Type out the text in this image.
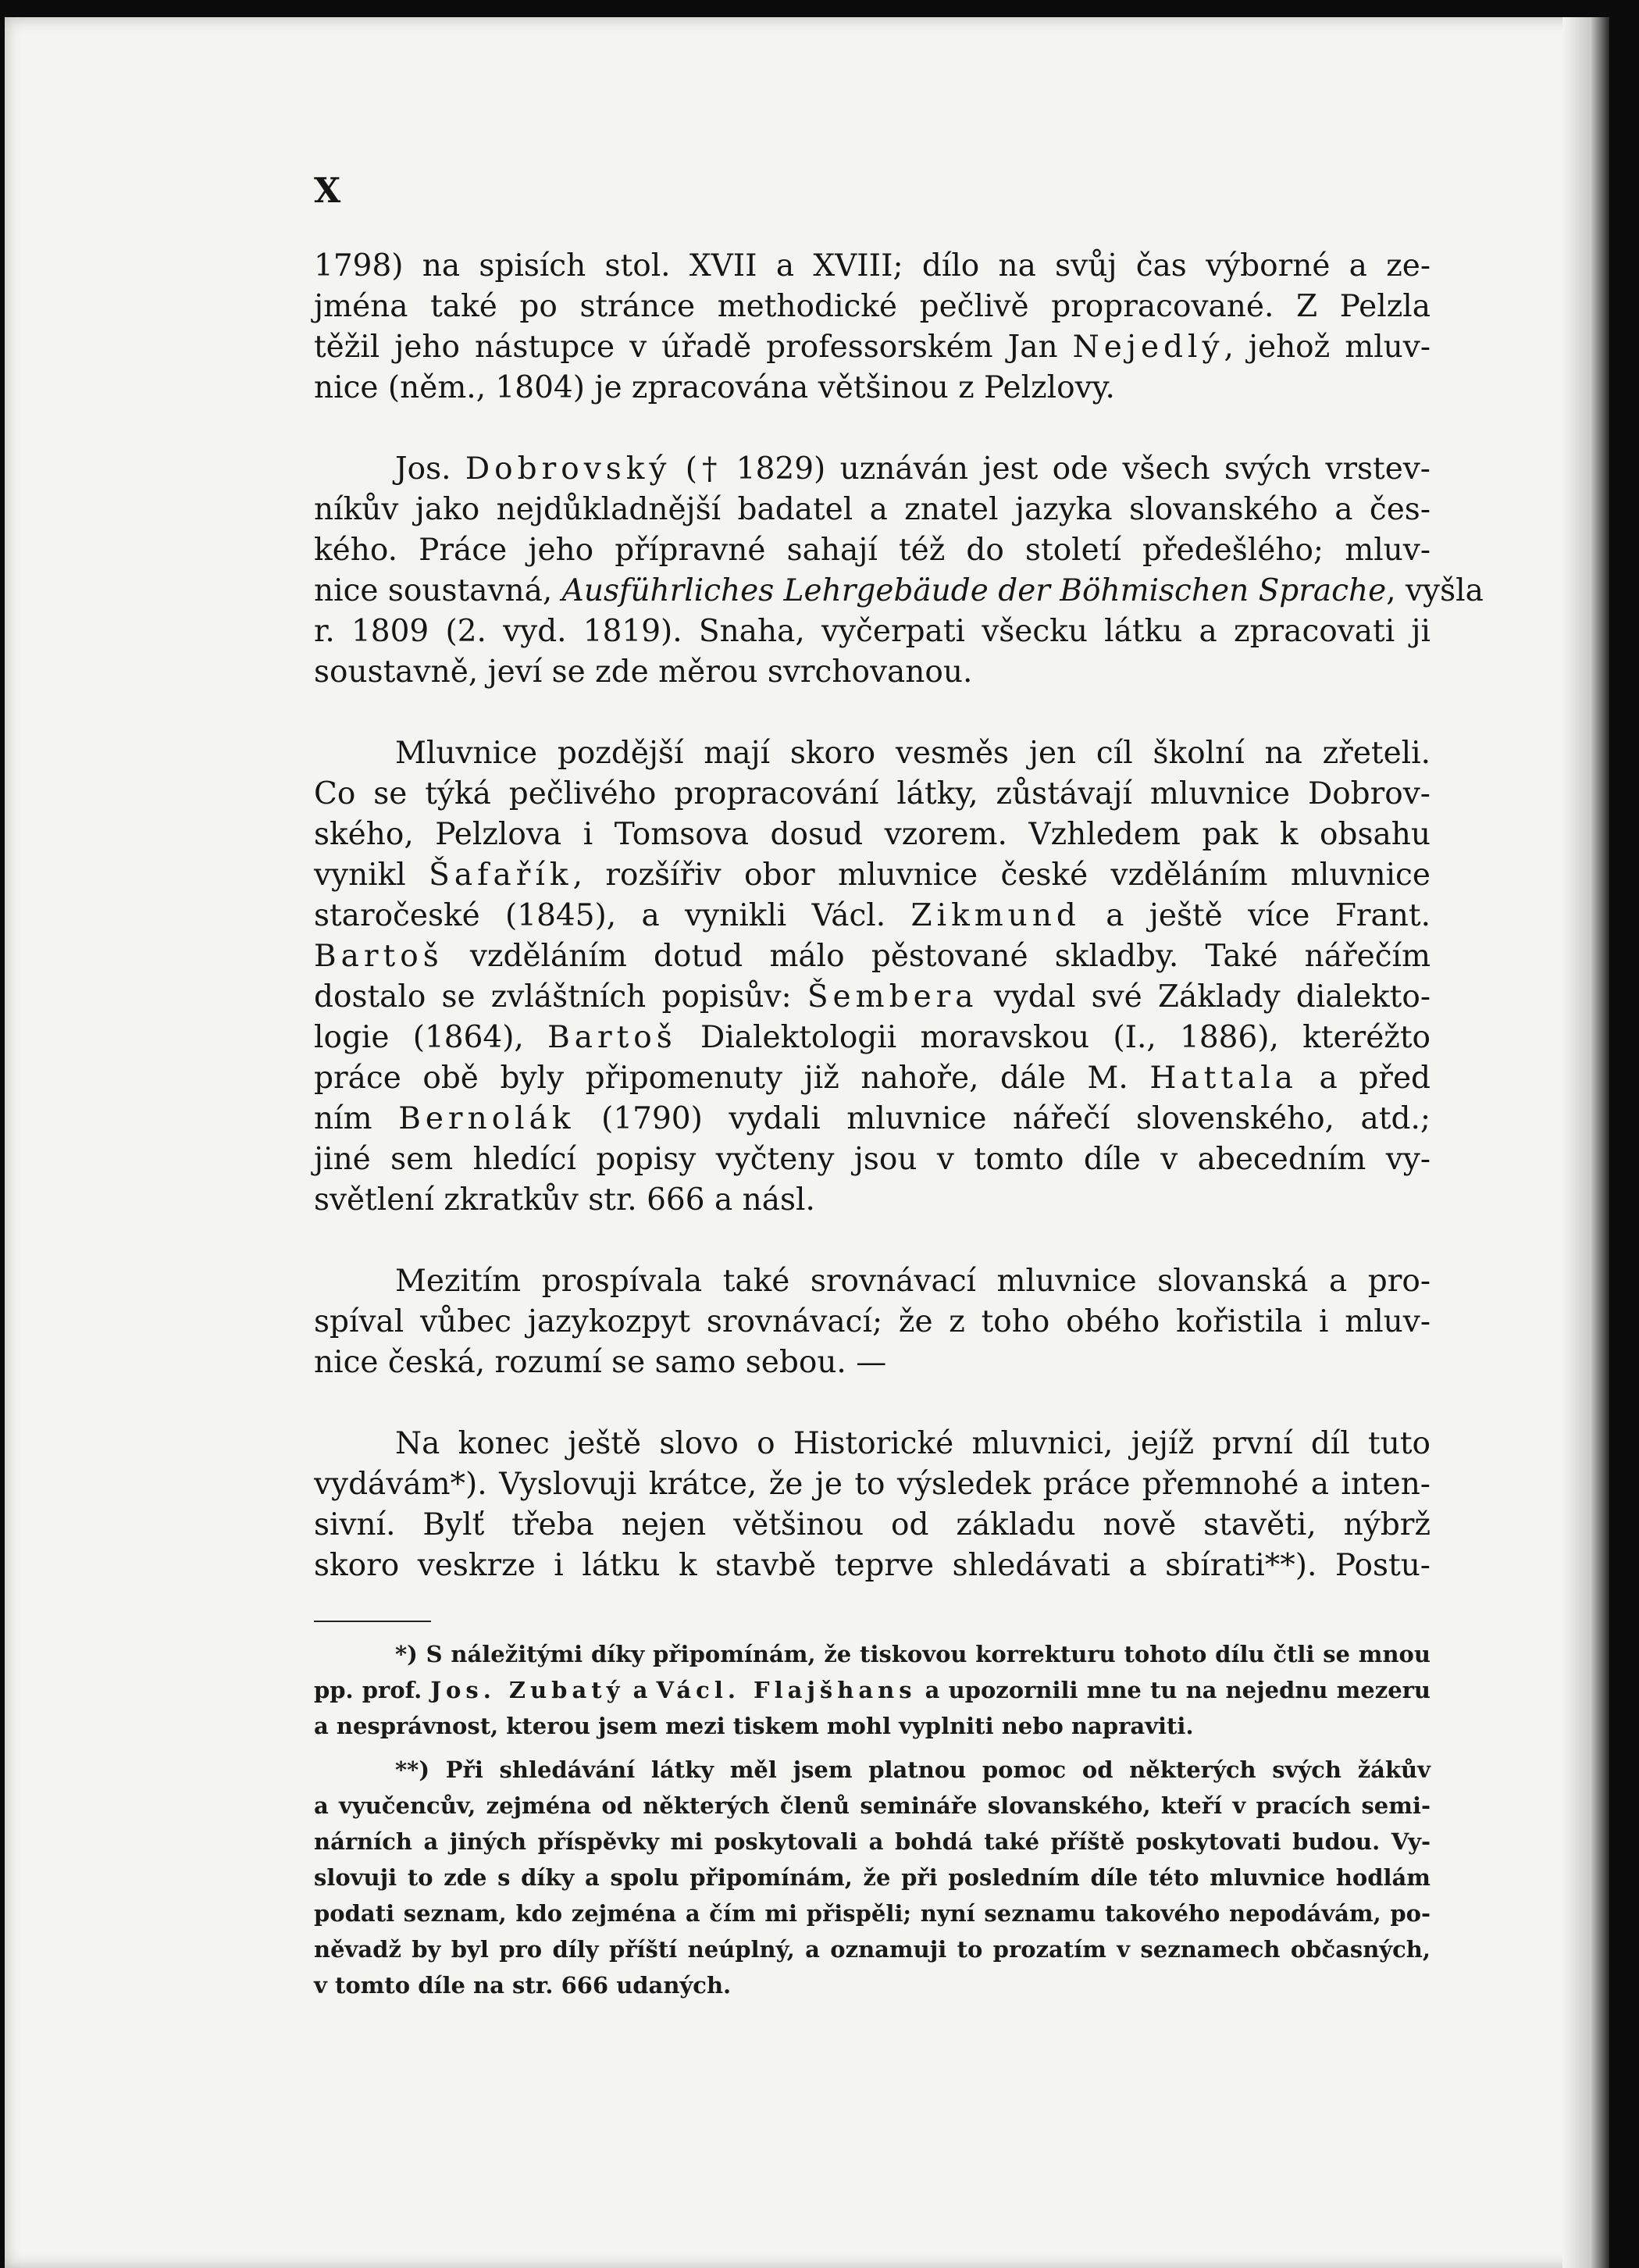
X
1798) na spisích stol. XVII a XVIII; dílo na svůj čas výborné a ze-
jména také po stránce methodické pečlivě propracované. Z Pelzla
těžil jeho nástupce v úřadě professorském Jan Nejedlý, jehož mluv-
nice (něm., 1804) je zpracována většinou z Pelzlovy.
Jos. Dobrovský († 1829) uznáván jest ode všech svých vrstev-
níkův jako nejdůkladnější badatel a znatel jazyka slovanského a čes-
kého. Práce jeho přípravné sahají též do století předešlého; mluv-
nice soustavná, Ausführliches Lehrgebäude der Böhmischen Sprache, vyšla
r. 1809 (2. vyd. 1819). Snaha, vyčerpati všecku látku a zpracovati ji
soustavně, jeví se zde měrou svrchovanou.
Mluvnice pozdější mají skoro vesměs jen cíl školní na zřeteli.
Co se týká pečlivého propracování látky, zůstávají mluvnice Dobrov-
ského, Pelzlova i Tomsova dosud vzorem. Vzhledem pak k obsahu
vynikl Šafařík, rozšířiv obor mluvnice české vzděláním mluvnice
staročeské (1845), a vynikli Václ. Zikmund a ještě více Frant.
Bartoš vzděláním dotud málo pěstované skladby. Také nářečím
dostalo se zvláštních popisův: Šembera vydal své Základy dialekto-
logie (1864), Bartoš Dialektologii moravskou (I., 1886), kteréžto
práce obě byly připomenuty již nahoře, dále M. Hattala a před
ním Bernolák (1790) vydali mluvnice nářečí slovenského, atd.;
jiné sem hledící popisy vyčteny jsou v tomto díle v abecedním vy-
světlení zkratkův str. 666 a násl.
Mezitím prospívala také srovnávací mluvnice slovanská a pro-
spíval vůbec jazykozpyt srovnávací; že z toho obého kořistila i mluv-
nice česká, rozumí se samo sebou. —
Na konec ještě slovo o Historické mluvnici, jejíž první díl tuto
vydávám*). Vyslovuji krátce, že je to výsledek práce přemnohé a inten-
sivní. Bylť třeba nejen většinou od základu nově stavěti, nýbrž
skoro veskrze i látku k stavbě teprve shledávati a sbírati**). Postu-
*) S náležitými díky připomínám, že tiskovou korrekturu tohoto dílu čtli se mnou
pp. prof. Jos. Zubatý a Václ. Flajšhans a upozornili mne tu na nejednu mezeru
a nesprávnost, kterou jsem mezi tiskem mohl vyplniti nebo napraviti.
**) Při shledávání látky měl jsem platnou pomoc od některých svých žákův
a vyučencův, zejména od některých členů semináře slovanského, kteří v pracích semi-
nárních a jiných příspěvky mi poskytovali a bohdá také příště poskytovati budou. Vy-
slovuji to zde s díky a spolu připomínám, že při posledním díle této mluvnice hodlám
podati seznam, kdo zejména a čím mi přispěli; nyní seznamu takového nepodávám, po-
něvadž by byl pro díly příští neúplný, a oznamuji to prozatím v seznamech občasných,
v tomto díle na str. 666 udaných.
